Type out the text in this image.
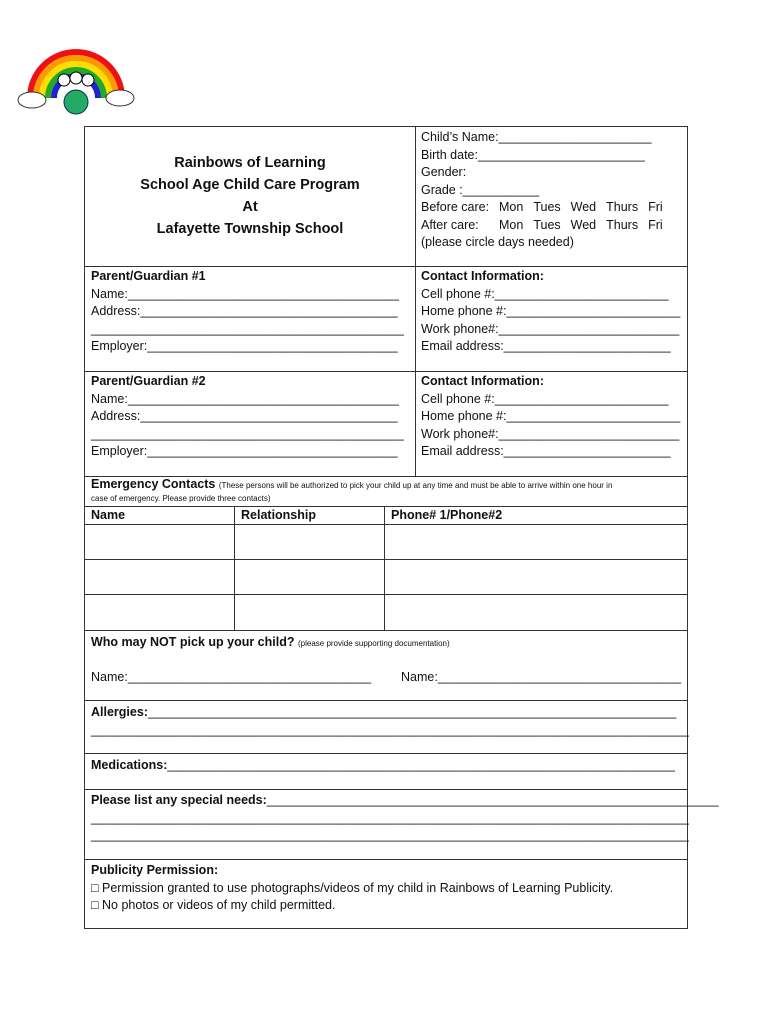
Rainbows of Learning
School Age Child Care Program
At
Lafayette Township School
Child’s Name:______________________
Birth date:________________________
Gender:
Grade :___________
Before care: Mon Tues Wed Thurs Fri
After care: Mon Tues Wed Thurs Fri
(please circle days needed)
Parent/Guardian #1
Name:_______________________________________
Address:_____________________________________
_____________________________________________
Employer:____________________________________
Contact Information:
Cell phone #:_________________________
Home phone #:_________________________
Work phone#:__________________________
Email address:________________________
Parent/Guardian #2
Name:_______________________________________
Address:_____________________________________
_____________________________________________
Employer:____________________________________
Contact Information:
Cell phone #:_________________________
Home phone #:_________________________
Work phone#:__________________________
Email address:________________________
Emergency Contacts (These persons will be authorized to pick your child up at any time and must be able to arrive within one hour in
case of emergency. Please provide three contacts)
Name	Relationship	Phone# 1/Phone#2
Who may NOT pick up your child? (please provide supporting documentation)
Name:___________________________________	Name:___________________________________
Allergies:____________________________________________________________________________
______________________________________________________________________________________
Medications:_________________________________________________________________________
Please list any special needs:_________________________________________________________________
______________________________________________________________________________________
______________________________________________________________________________________
Publicity Permission:
□ Permission granted to use photographs/videos of my child in Rainbows of Learning Publicity.
□ No photos or videos of my child permitted.
